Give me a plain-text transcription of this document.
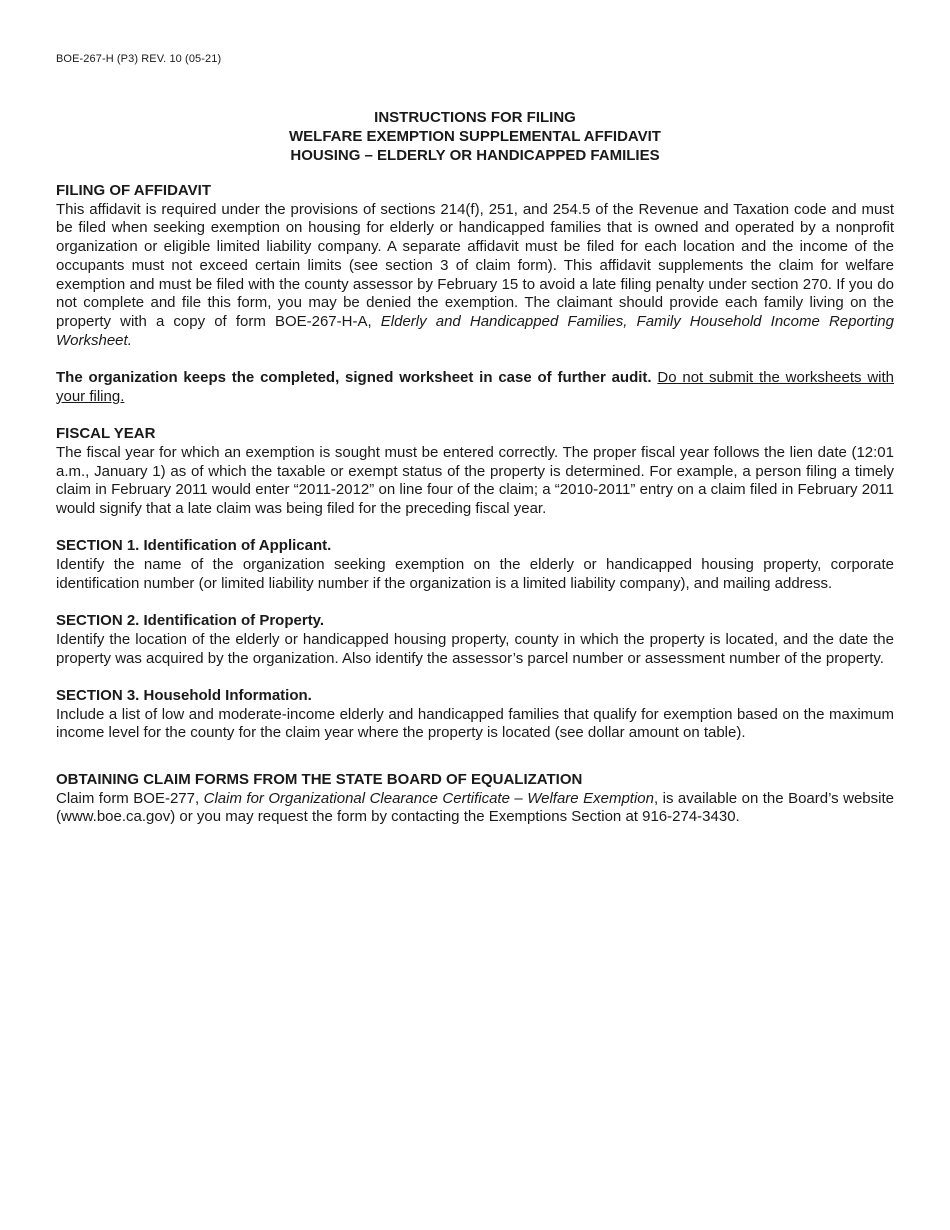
BOE-267-H (P3) REV. 10 (05-21)
INSTRUCTIONS FOR FILING
WELFARE EXEMPTION SUPPLEMENTAL AFFIDAVIT
HOUSING – ELDERLY OR HANDICAPPED FAMILIES
FILING OF AFFIDAVIT

This affidavit is required under the provisions of sections 214(f), 251, and 254.5 of the Revenue and Taxation code and must be filed when seeking exemption on housing for elderly or handicapped families that is owned and operated by a nonprofit organization or eligible limited liability company. A separate affidavit must be filed for each location and the income of the occupants must not exceed certain limits (see section 3 of claim form). This affidavit supplements the claim for welfare exemption and must be filed with the county assessor by February 15 to avoid a late filing penalty under section 270. If you do not complete and file this form, you may be denied the exemption. The claimant should provide each family living on the property with a copy of form BOE-267-H-A, Elderly and Handicapped Families, Family Household Income Reporting Worksheet.

The organization keeps the completed, signed worksheet in case of further audit. Do not submit the worksheets with your filing.

FISCAL YEAR

The fiscal year for which an exemption is sought must be entered correctly. The proper fiscal year follows the lien date (12:01 a.m., January 1) as of which the taxable or exempt status of the property is determined. For example, a person filing a timely claim in February 2011 would enter “2011-2012” on line four of the claim; a “2010-2011” entry on a claim filed in February 2011 would signify that a late claim was being filed for the preceding fiscal year.

SECTION 1. Identification of Applicant.

Identify the name of the organization seeking exemption on the elderly or handicapped housing property, corporate identification number (or limited liability number if the organization is a limited liability company), and mailing address.

SECTION 2. Identification of Property.

Identify the location of the elderly or handicapped housing property, county in which the property is located, and the date the property was acquired by the organization. Also identify the assessor’s parcel number or assessment number of the property.

SECTION 3. Household Information.

Include a list of low and moderate-income elderly and handicapped families that qualify for exemption based on the maximum income level for the county for the claim year where the property is located (see dollar amount on table).

OBTAINING CLAIM FORMS FROM THE STATE BOARD OF EQUALIZATION

Claim form BOE-277, Claim for Organizational Clearance Certificate – Welfare Exemption, is available on the Board’s website (www.boe.ca.gov) or you may request the form by contacting the Exemptions Section at 916-274-3430.
